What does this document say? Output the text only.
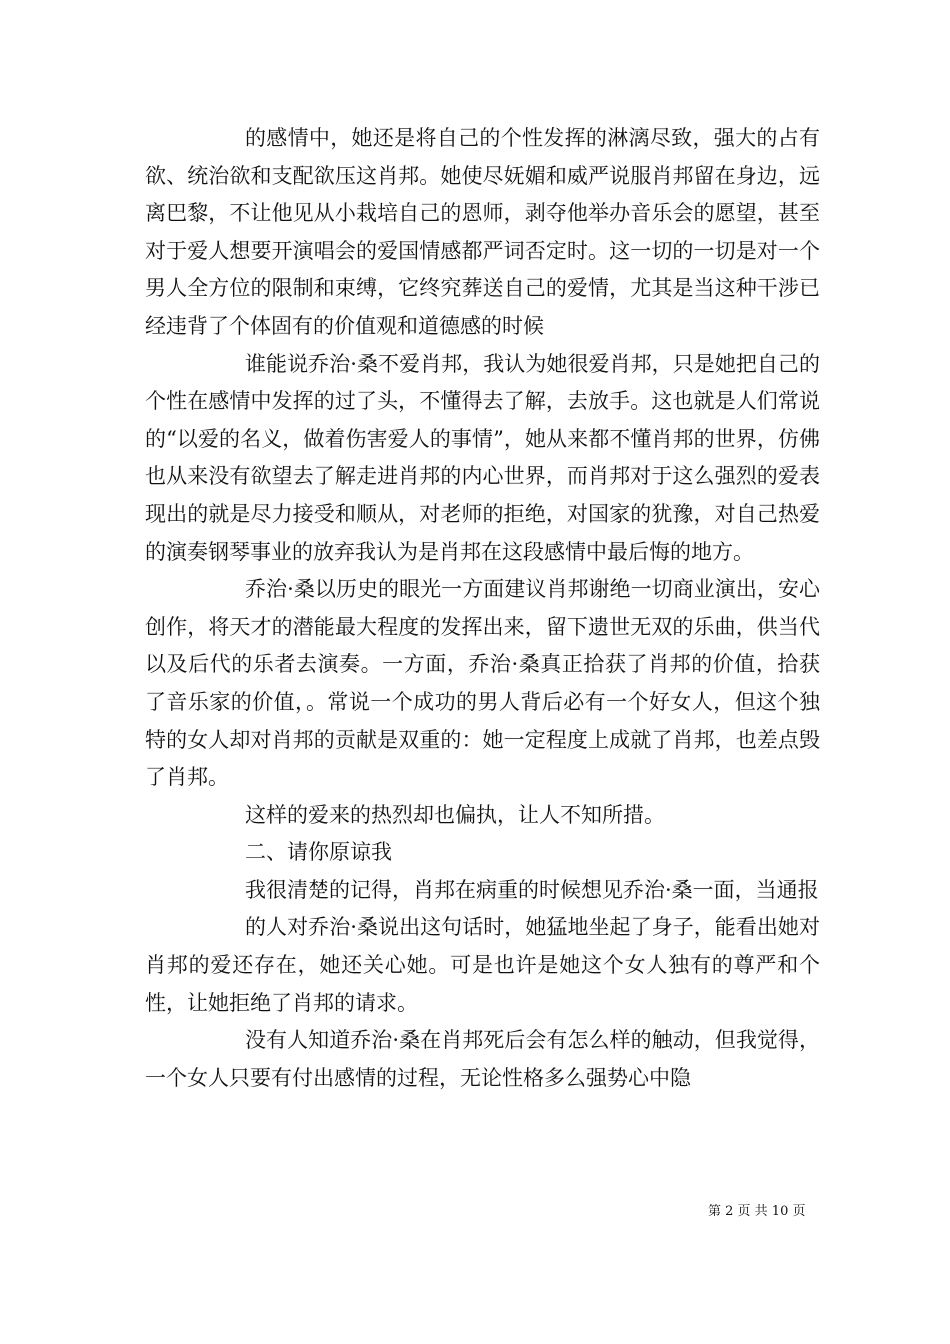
的感情中，她还是将自己的个性发挥的淋漓尽致，强大的占有欲、统治欲和支配欲压这肖邦。她使尽妩媚和威严说服肖邦留在身边，远离巴黎，不让他见从小栽培自己的恩师，剥夺他举办音乐会的愿望，甚至对于爱人想要开演唱会的爱国情感都严词否定时。这一切的一切是对一个男人全方位的限制和束缚，它终究葬送自己的爱情，尤其是当这种干涉已经违背了个体固有的价值观和道德感的时候

谁能说乔治·桑不爱肖邦，我认为她很爱肖邦，只是她把自己的个性在感情中发挥的过了头，不懂得去了解，去放手。这也就是人们常说的“以爱的名义，做着伤害爱人的事情”，她从来都不懂肖邦的世界，仿佛也从来没有欲望去了解走进肖邦的内心世界，而肖邦对于这么强烈的爱表现出的就是尽力接受和顺从，对老师的拒绝，对国家的犹豫，对自己热爱的演奏钢琴事业的放弃我认为是肖邦在这段感情中最后悔的地方。

乔治·桑以历史的眼光一方面建议肖邦谢绝一切商业演出，安心创作，将天才的潜能最大程度的发挥出来，留下遗世无双的乐曲，供当代以及后代的乐者去演奏。一方面，乔治·桑真正拾获了肖邦的价值，拾获了音乐家的价值，。常说一个成功的男人背后必有一个好女人，但这个独特的女人却对肖邦的贡献是双重的：她一定程度上成就了肖邦，也差点毁了肖邦。

这样的爱来的热烈却也偏执，让人不知所措。

二、请你原谅我

我很清楚的记得，肖邦在病重的时候想见乔治·桑一面，当通报

的人对乔治·桑说出这句话时，她猛地坐起了身子，能看出她对肖邦的爱还存在，她还关心她。可是也许是她这个女人独有的尊严和个性，让她拒绝了肖邦的请求。

没有人知道乔治·桑在肖邦死后会有怎么样的触动，但我觉得，一个女人只要有付出感情的过程，无论性格多么强势心中隐

第 2 页 共 10 页
